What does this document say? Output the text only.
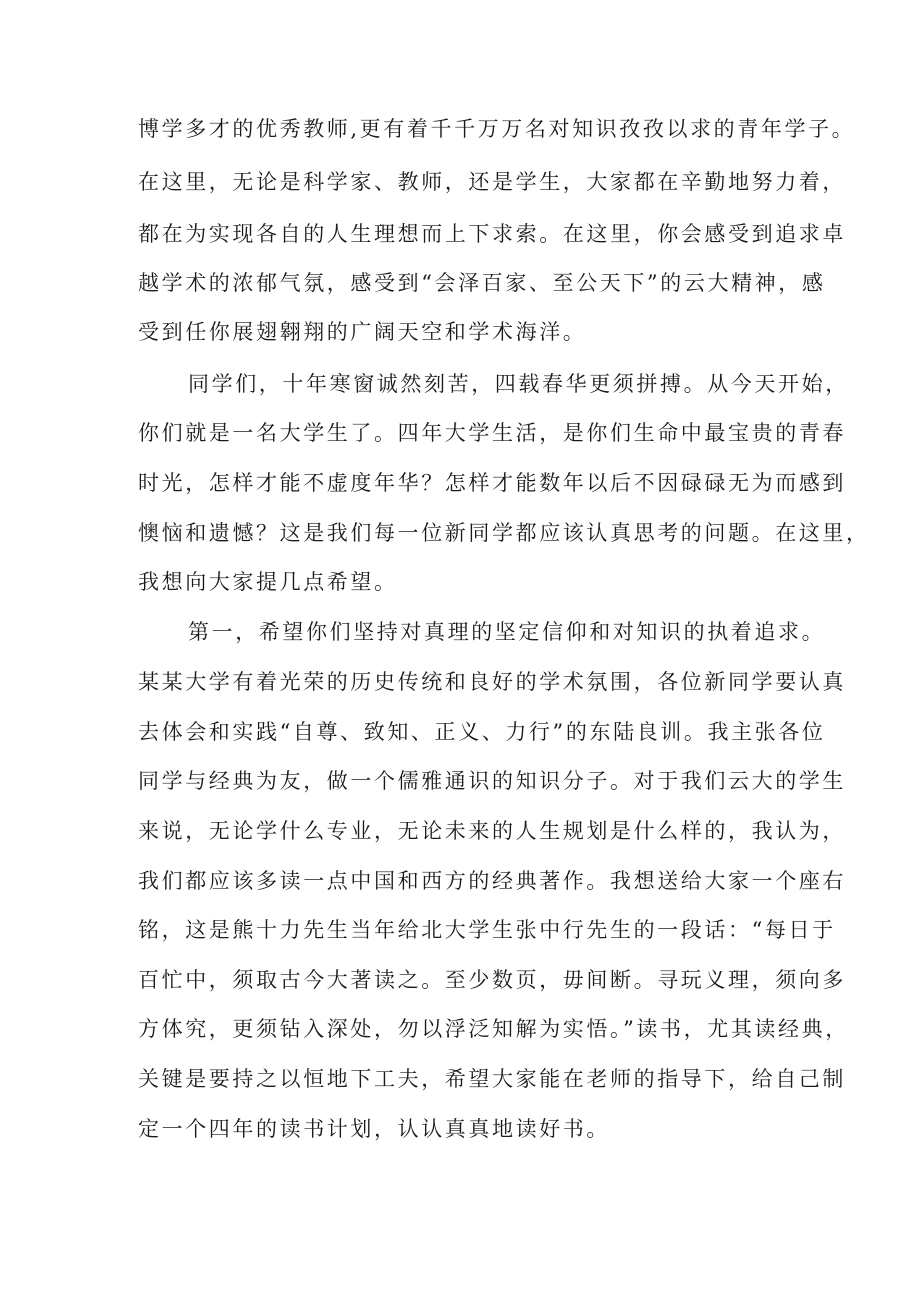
博学多才的优秀教师,更有着千千万万名对知识孜孜以求的青年学子。
在这里，无论是科学家、教师，还是学生，大家都在辛勤地努力着，
都在为实现各自的人生理想而上下求索。在这里，你会感受到追求卓
越学术的浓郁气氛，感受到“会泽百家、至公天下”的云大精神，感
受到任你展翅翱翔的广阔天空和学术海洋。
同学们，十年寒窗诚然刻苦，四载春华更须拼搏。从今天开始，
你们就是一名大学生了。四年大学生活，是你们生命中最宝贵的青春
时光，怎样才能不虚度年华？怎样才能数年以后不因碌碌无为而感到
懊恼和遗憾？这是我们每一位新同学都应该认真思考的问题。在这里，
我想向大家提几点希望。
第一，希望你们坚持对真理的坚定信仰和对知识的执着追求。
某某大学有着光荣的历史传统和良好的学术氛围，各位新同学要认真
去体会和实践“自尊、致知、正义、力行”的东陆良训。我主张各位
同学与经典为友，做一个儒雅通识的知识分子。对于我们云大的学生
来说，无论学什么专业，无论未来的人生规划是什么样的，我认为，
我们都应该多读一点中国和西方的经典著作。我想送给大家一个座右
铭，这是熊十力先生当年给北大学生张中行先生的一段话：“每日于
百忙中，须取古今大著读之。至少数页，毋间断。寻玩义理，须向多
方体究，更须钻入深处，勿以浮泛知解为实悟。”读书，尤其读经典，
关键是要持之以恒地下工夫，希望大家能在老师的指导下，给自己制
定一个四年的读书计划，认认真真地读好书。
